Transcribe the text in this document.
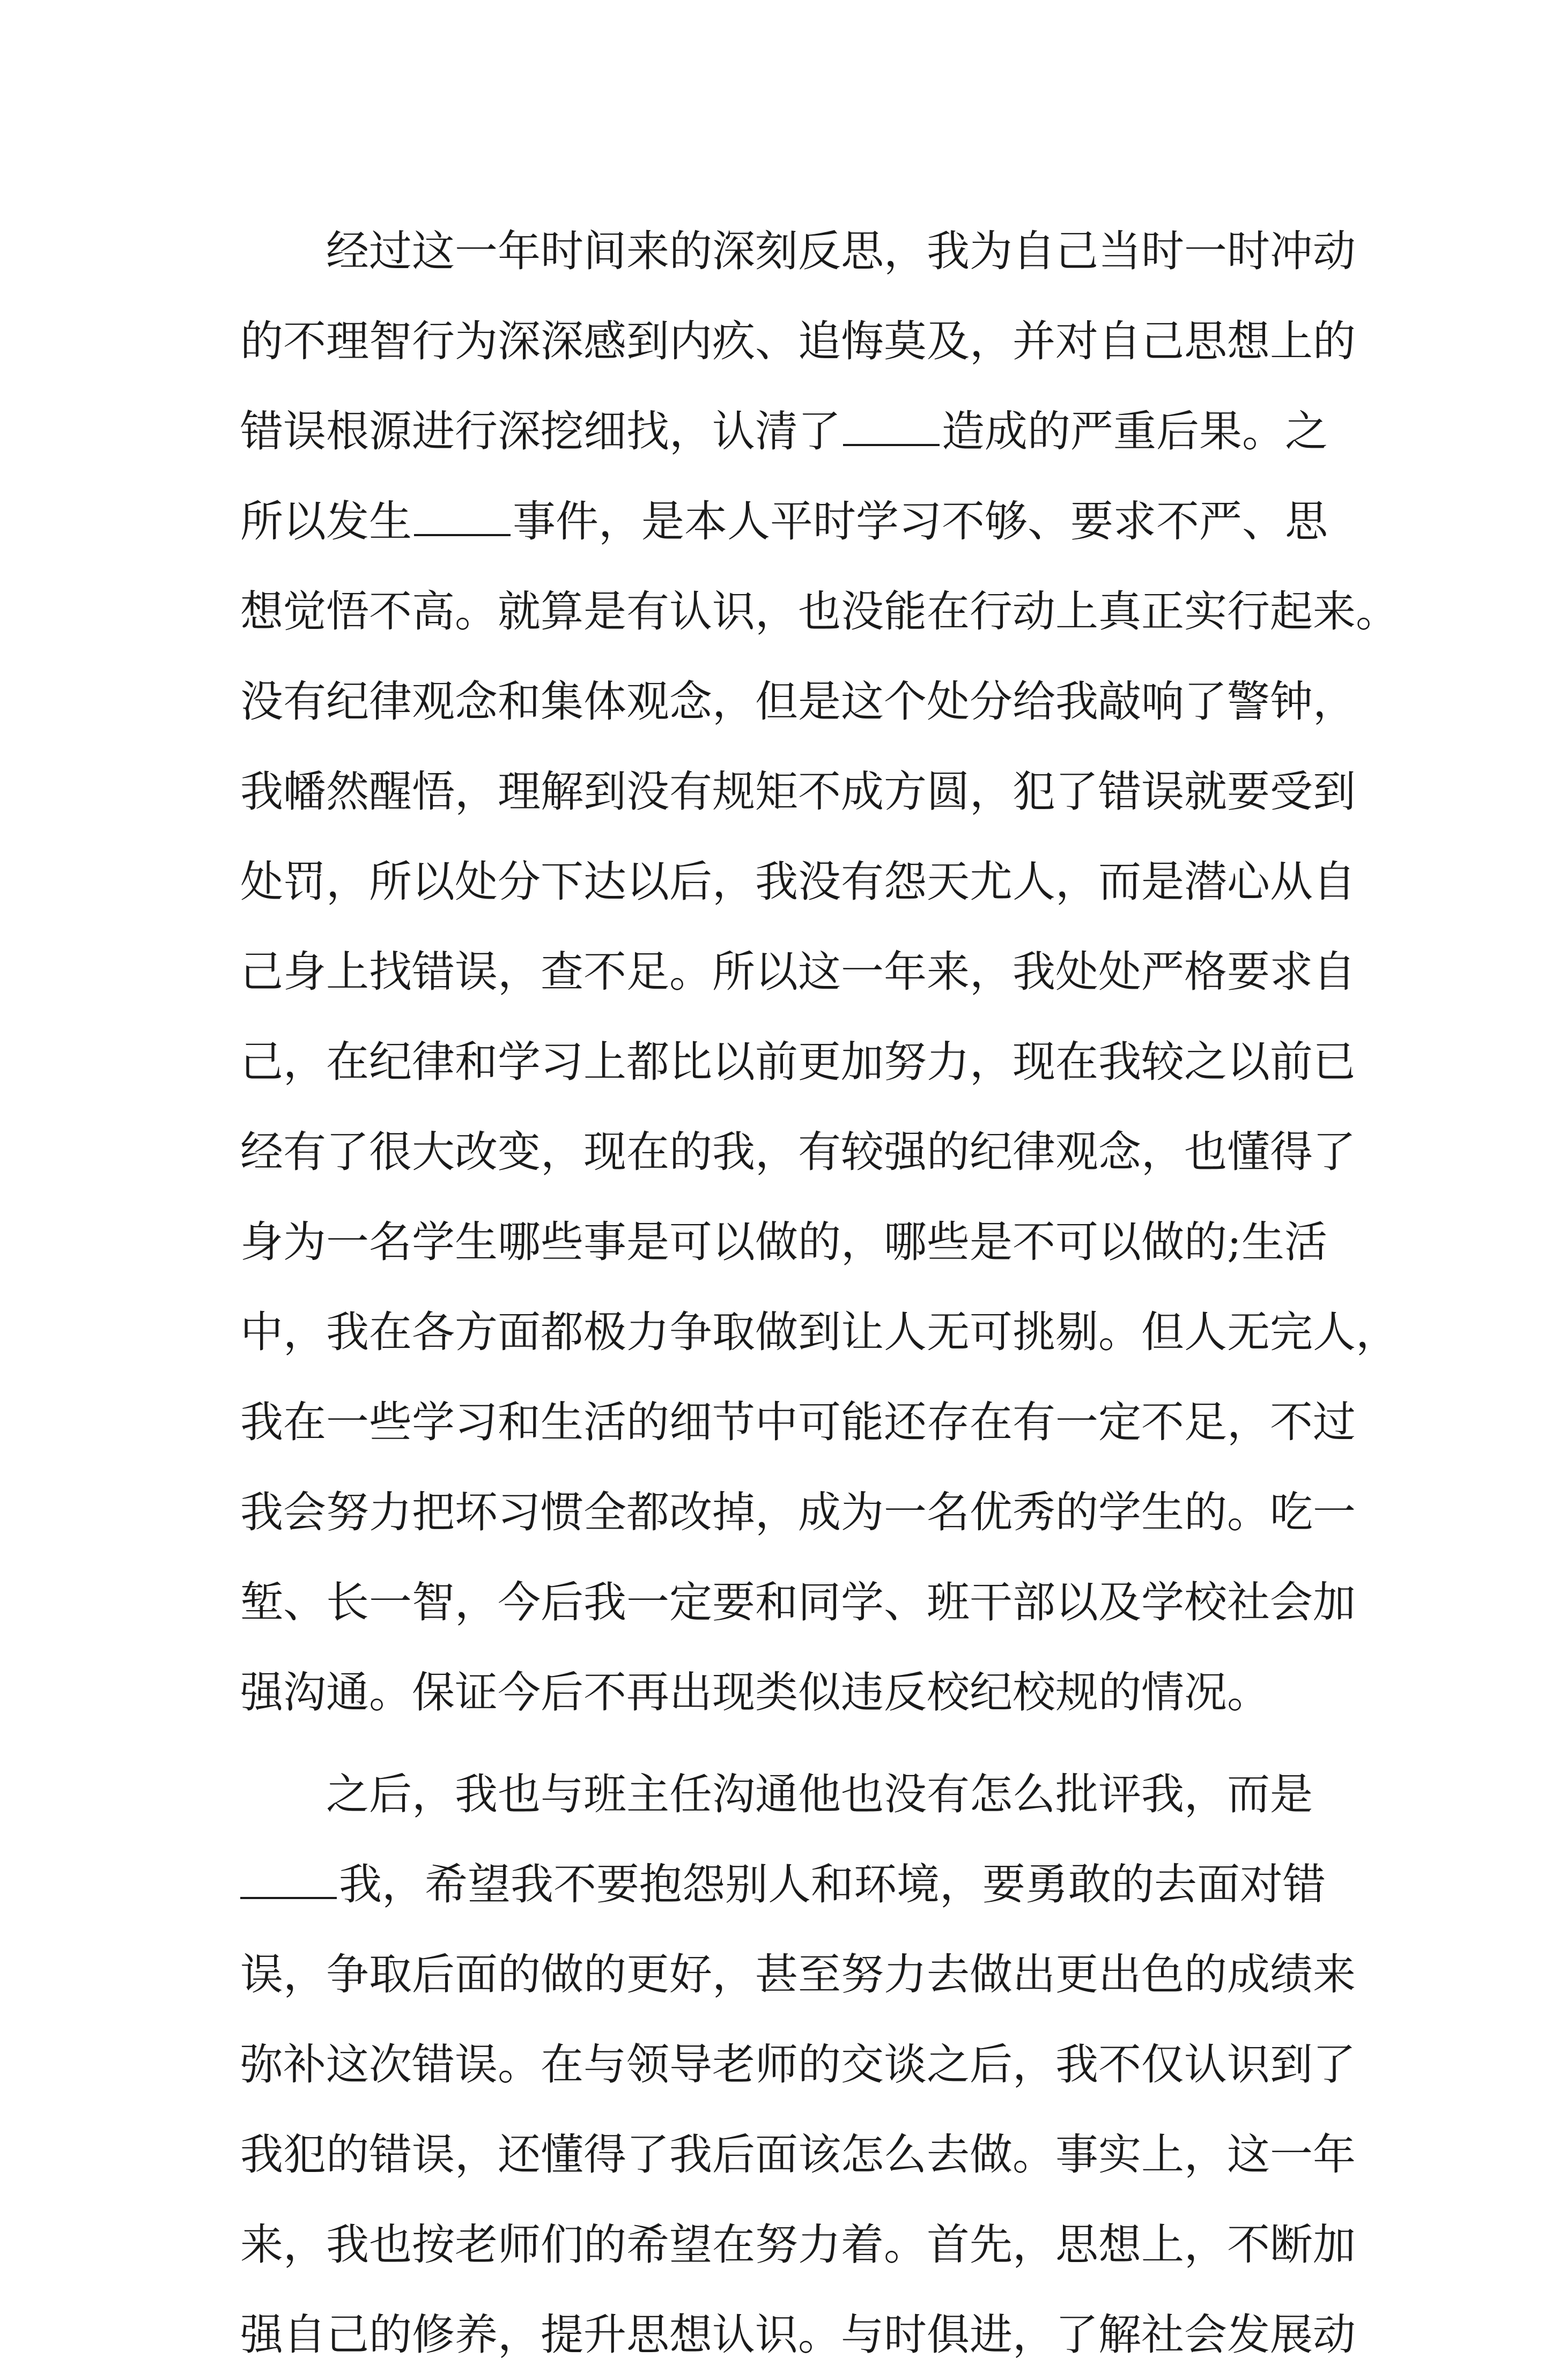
经过这一年时间来的深刻反思，我为自己当时一时冲动
的不理智行为深深感到内疚、追悔莫及，并对自己思想上的
错误根源进行深挖细找，认清了 造成的严重后果。之
所以发生 事件，是本人平时学习不够、要求不严、思
想觉悟不高。就算是有认识，也没能在行动上真正实行起来。
没有纪律观念和集体观念，但是这个处分给我敲响了警钟，
我幡然醒悟，理解到没有规矩不成方圆，犯了错误就要受到
处罚，所以处分下达以后，我没有怨天尤人，而是潜心从自
己身上找错误，查不足。所以这一年来，我处处严格要求自
己，在纪律和学习上都比以前更加努力，现在我较之以前已
经有了很大改变，现在的我，有较强的纪律观念，也懂得了
身为一名学生哪些事是可以做的，哪些是不可以做的;生活
中，我在各方面都极力争取做到让人无可挑剔。但人无完人，
我在一些学习和生活的细节中可能还存在有一定不足，不过
我会努力把坏习惯全都改掉，成为一名优秀的学生的。吃一
堑、长一智，今后我一定要和同学、班干部以及学校社会加
强沟通。保证今后不再出现类似违反校纪校规的情况。
之后，我也与班主任沟通他也没有怎么批评我，而是
我，希望我不要抱怨别人和环境，要勇敢的去面对错
误，争取后面的做的更好，甚至努力去做出更出色的成绩来
弥补这次错误。在与领导老师的交谈之后，我不仅认识到了
我犯的错误，还懂得了我后面该怎么去做。事实上，这一年
来，我也按老师们的希望在努力着。首先，思想上，不断加
强自己的修养，提升思想认识。与时俱进，了解社会发展动
